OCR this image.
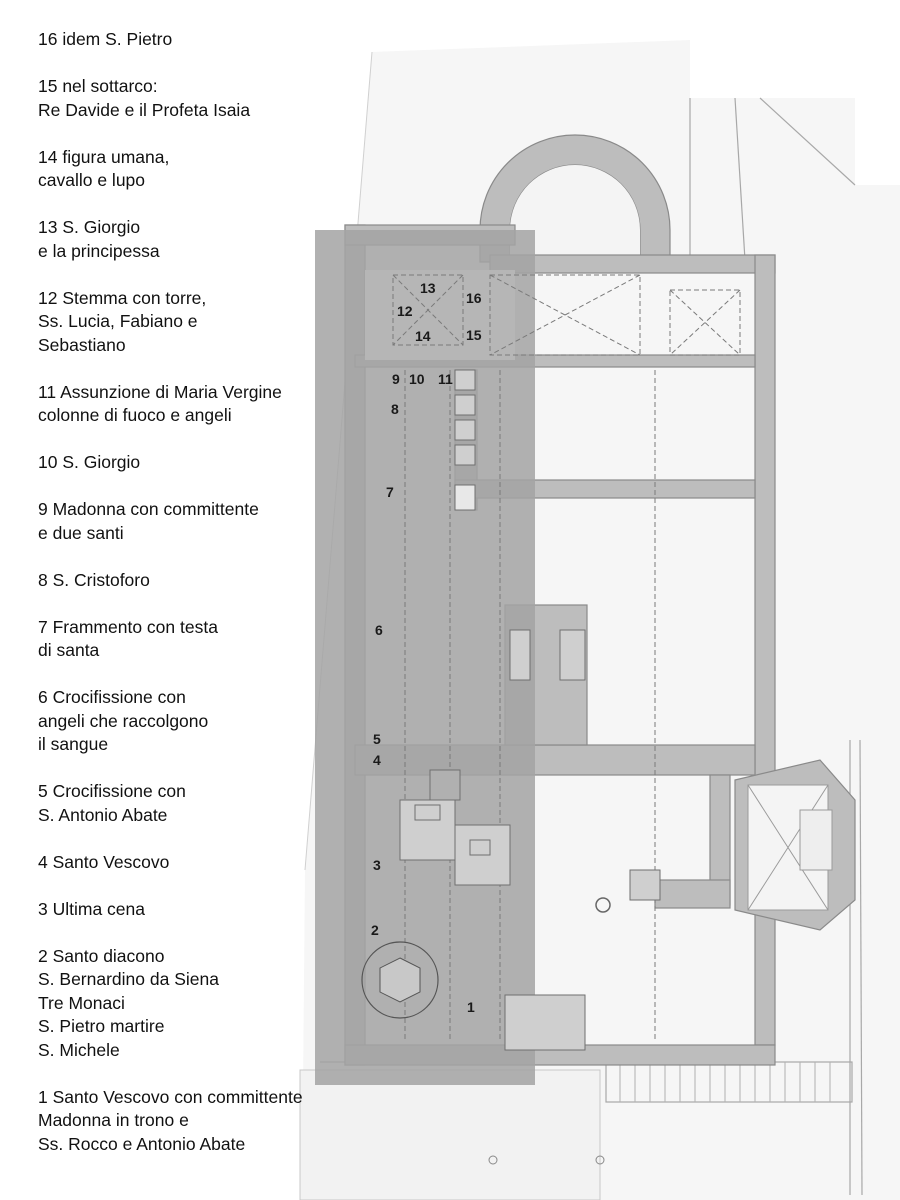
13
12
14
16
15
9 10 11
8
7
6
5
4
3
2
1
16 idem S. Pietro
15 nel sottarco:
Re Davide e il Profeta Isaia
14 figura umana,
cavallo e lupo
13 S. Giorgio
e la principessa
12 Stemma con torre,
Ss. Lucia, Fabiano e
Sebastiano
11 Assunzione di Maria Vergine
colonne di fuoco e angeli
10 S. Giorgio
9 Madonna con committente
e due santi
8 S. Cristoforo
7 Frammento con testa
di santa
6 Crocifissione con
angeli che raccolgono
il sangue
5 Crocifissione con
S. Antonio Abate
4 Santo Vescovo
3 Ultima cena
2 Santo diacono
S. Bernardino da Siena
Tre Monaci
S. Pietro martire
S. Michele
1 Santo Vescovo con committente
Madonna in trono e
Ss. Rocco e Antonio Abate
